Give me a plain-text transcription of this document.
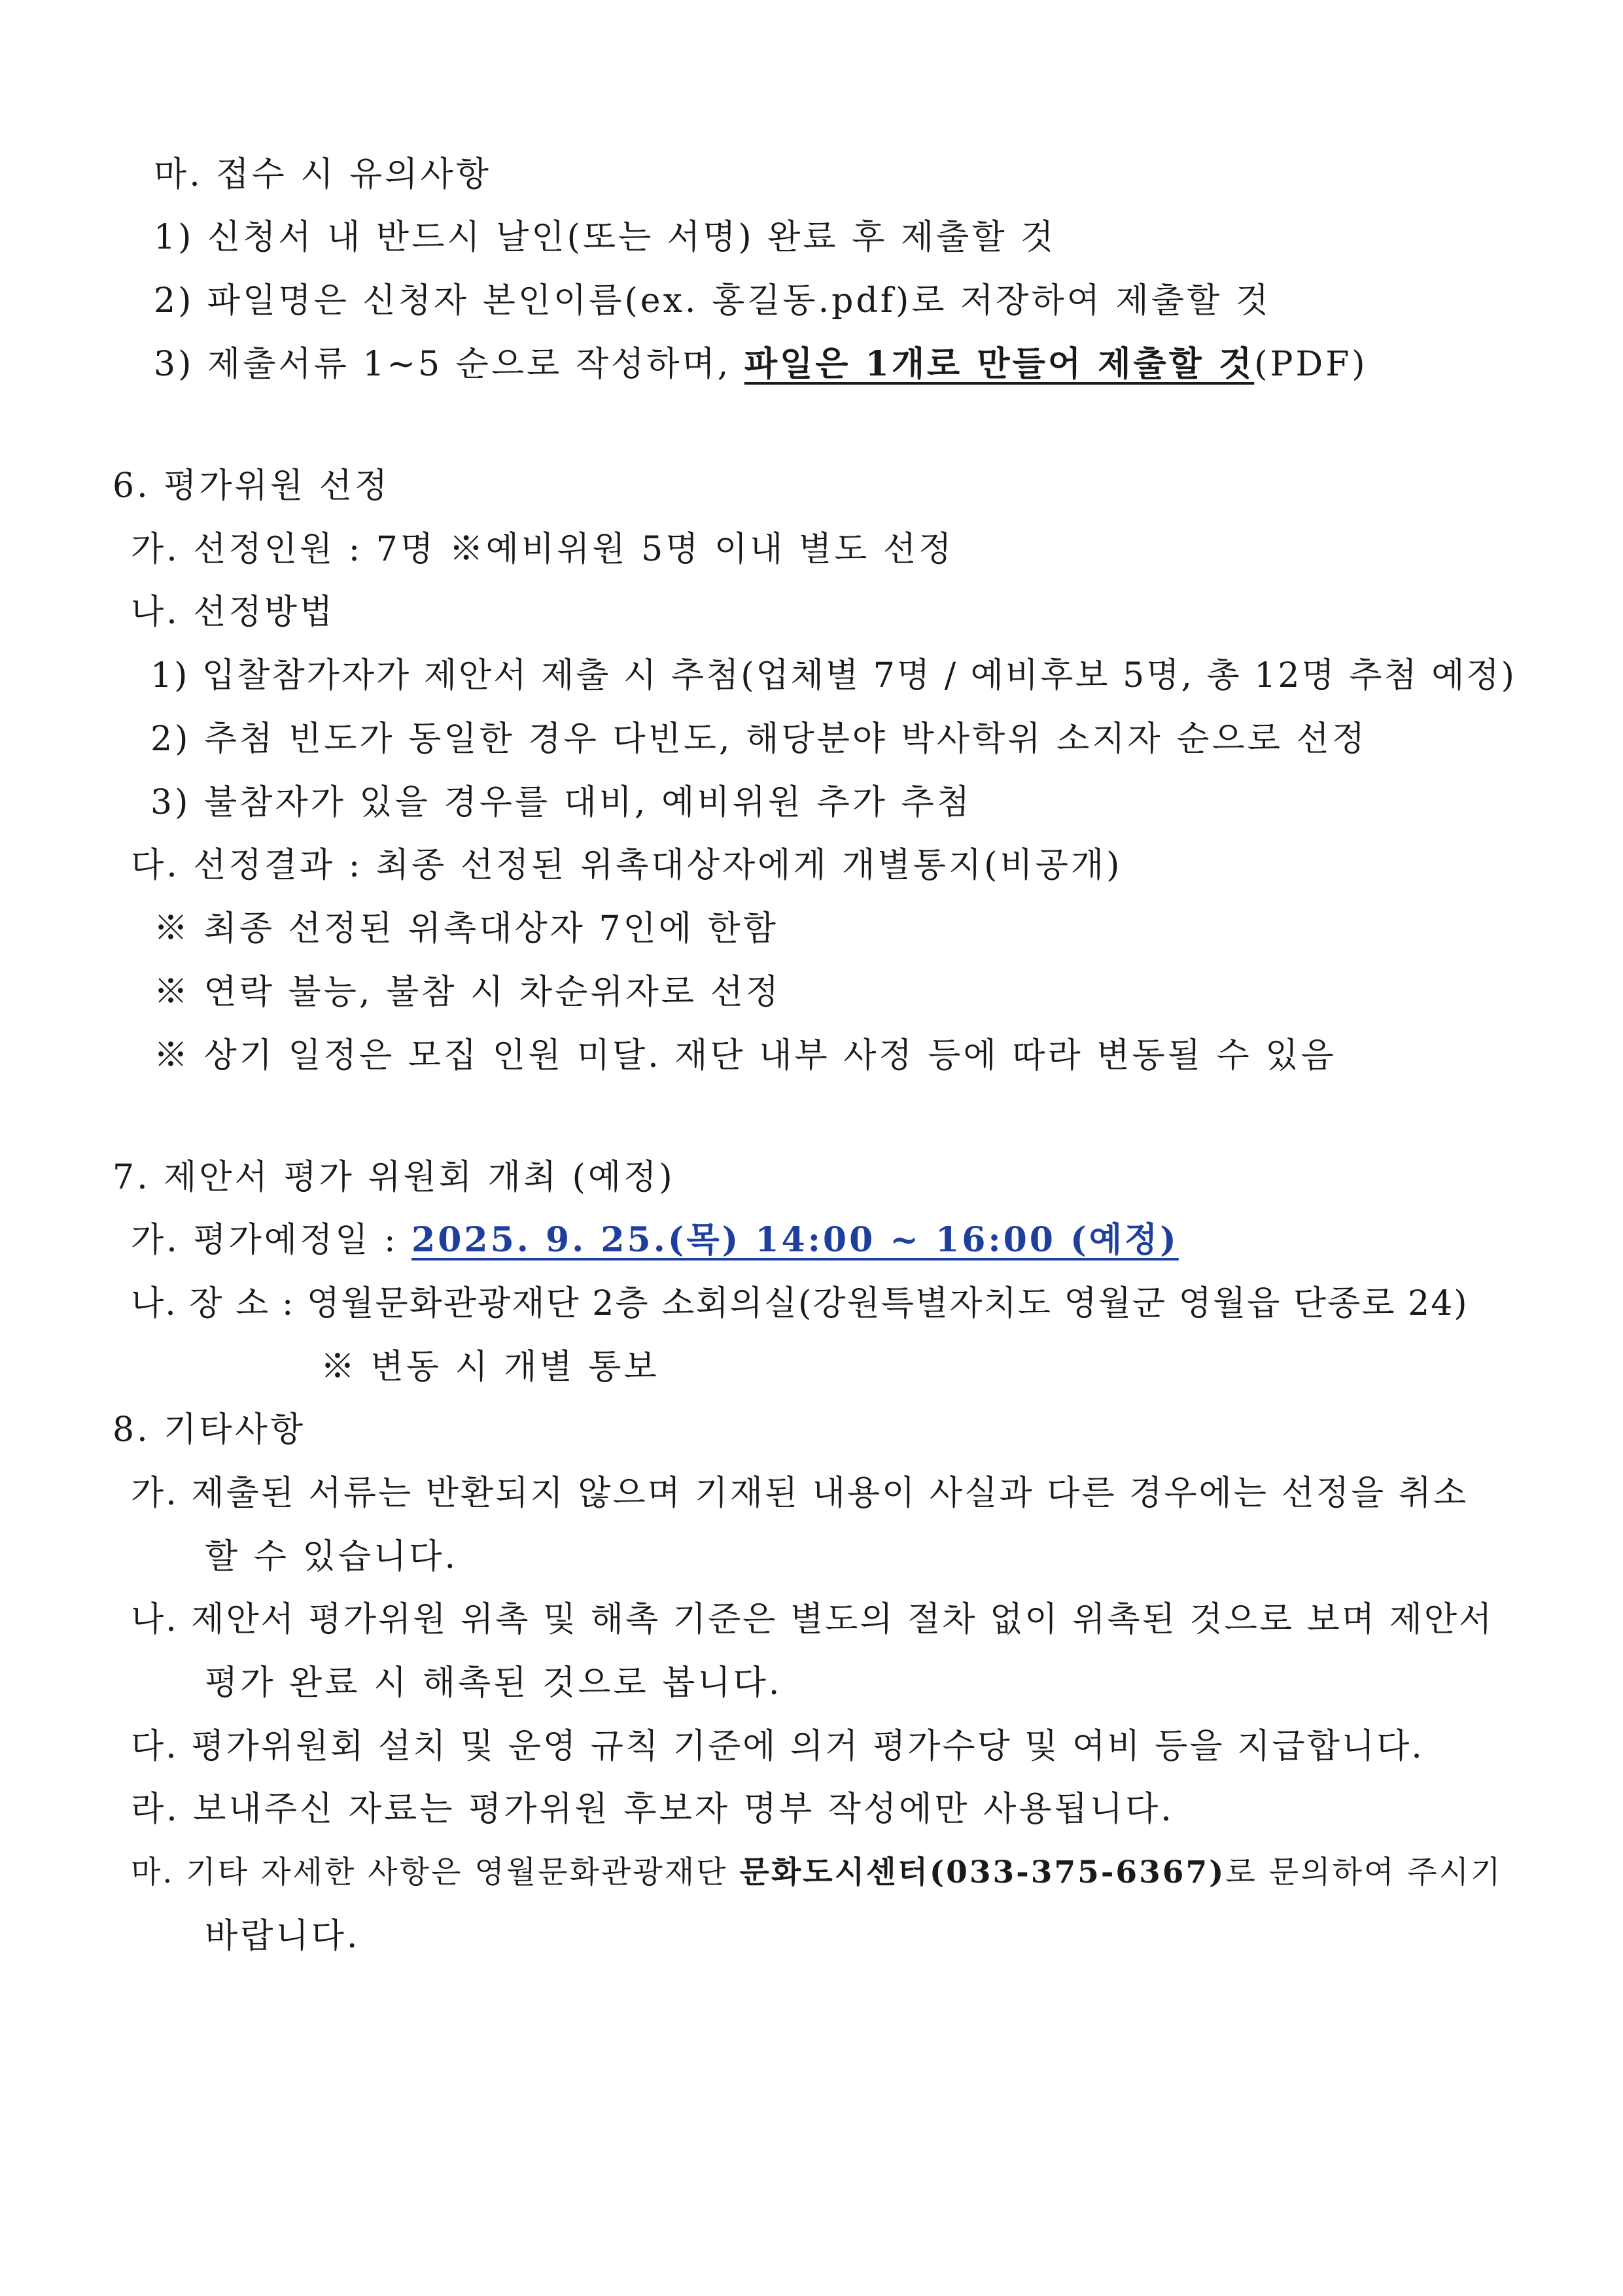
마. 접수 시 유의사항
1) 신청서 내 반드시 날인(또는 서명) 완료 후 제출할 것
2) 파일명은 신청자 본인이름(ex. 홍길동.pdf)로 저장하여 제출할 것
3) 제출서류 1~5 순으로 작성하며, 파일은 1개로 만들어 제출할 것(PDF)
6. 평가위원 선정
가. 선정인원 : 7명 ※예비위원 5명 이내 별도 선정
나. 선정방법
1) 입찰참가자가 제안서 제출 시 추첨(업체별 7명 / 예비후보 5명, 총 12명 추첨 예정)
2) 추첨 빈도가 동일한 경우 다빈도, 해당분야 박사학위 소지자 순으로 선정
3) 불참자가 있을 경우를 대비, 예비위원 추가 추첨
다. 선정결과 : 최종 선정된 위촉대상자에게 개별통지(비공개)
※ 최종 선정된 위촉대상자 7인에 한함
※ 연락 불능, 불참 시 차순위자로 선정
※ 상기 일정은 모집 인원 미달. 재단 내부 사정 등에 따라 변동될 수 있음
7. 제안서 평가 위원회 개최 (예정)
가. 평가예정일 : 2025. 9. 25.(목) 14:00 ~ 16:00 (예정)
나. 장 소 : 영월문화관광재단 2층 소회의실(강원특별자치도 영월군 영월읍 단종로 24)
※ 변동 시 개별 통보
8. 기타사항
가. 제출된 서류는 반환되지 않으며 기재된 내용이 사실과 다른 경우에는 선정을 취소
할 수 있습니다.
나. 제안서 평가위원 위촉 및 해촉 기준은 별도의 절차 없이 위촉된 것으로 보며 제안서
평가 완료 시 해촉된 것으로 봅니다.
다. 평가위원회 설치 및 운영 규칙 기준에 의거 평가수당 및 여비 등을 지급합니다.
라. 보내주신 자료는 평가위원 후보자 명부 작성에만 사용됩니다.
마. 기타 자세한 사항은 영월문화관광재단 문화도시센터(033-375-6367)로 문의하여 주시기
바랍니다.
